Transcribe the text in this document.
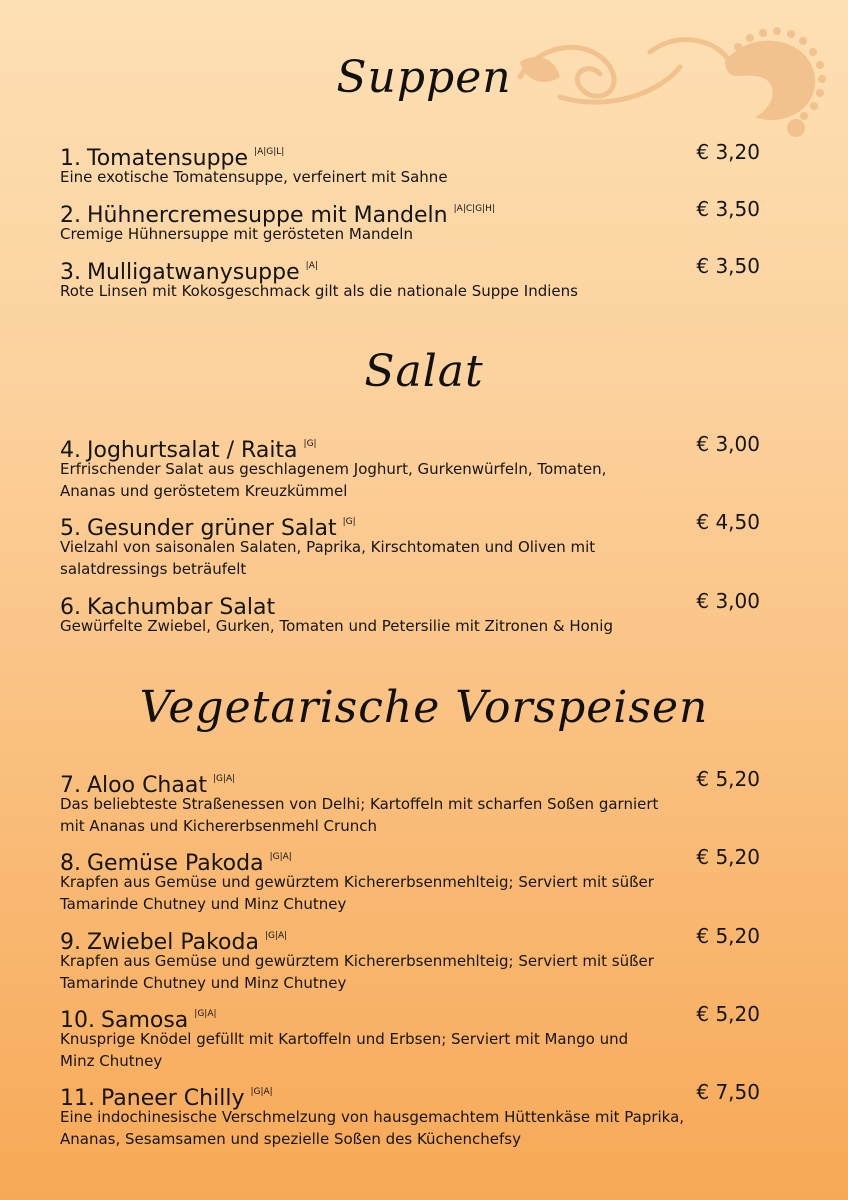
Suppen
1. Tomatensuppe $^{|A|G|L|}$	€ 3,20
Eine exotische Tomatensuppe, verfeinert mit Sahne
2. Hühnercremesuppe mit Mandeln $^{|A|C|G|H|}$	€ 3,50
Cremige Hühnersuppe mit gerösteten Mandeln
3. Mulligatwanysuppe $^{|A|}$	€ 3,50
Rote Linsen mit Kokosgeschmack gilt als die nationale Suppe Indiens
Salat
4. Joghurtsalat / Raita $^{|G|}$	€ 3,00
Erfrischender Salat aus geschlagenem Joghurt, Gurkenwürfeln, Tomaten,
Ananas und geröstetem Kreuzkümmel
5. Gesunder grüner Salat $^{|G|}$	€ 4,50
Vielzahl von saisonalen Salaten, Paprika, Kirschtomaten und Oliven mit
salatdressings beträufelt
6. Kachumbar Salat	€ 3,00
Gewürfelte Zwiebel, Gurken, Tomaten und Petersilie mit Zitronen & Honig
Vegetarische Vorspeisen
7. Aloo Chaat $^{|G|A|}$	€ 5,20
Das beliebteste Straßenessen von Delhi; Kartoffeln mit scharfen Soßen garniert
mit Ananas und Kichererbsenmehl Crunch
8. Gemüse Pakoda $^{|G|A|}$	€ 5,20
Krapfen aus Gemüse und gewürztem Kichererbsenmehlteig; Serviert mit süßer
Tamarinde Chutney und Minz Chutney
9. Zwiebel Pakoda $^{|G|A|}$	€ 5,20
Krapfen aus Gemüse und gewürztem Kichererbsenmehlteig; Serviert mit süßer
Tamarinde Chutney und Minz Chutney
10. Samosa $^{|G|A|}$	€ 5,20
Knusprige Knödel gefüllt mit Kartoffeln und Erbsen; Serviert mit Mango und
Minz Chutney
11. Paneer Chilly $^{|G|A|}$	€ 7,50
Eine indochinesische Verschmelzung von hausgemachtem Hüttenkäse mit Paprika,
Ananas, Sesamsamen und spezielle Soßen des Küchenchefsy
